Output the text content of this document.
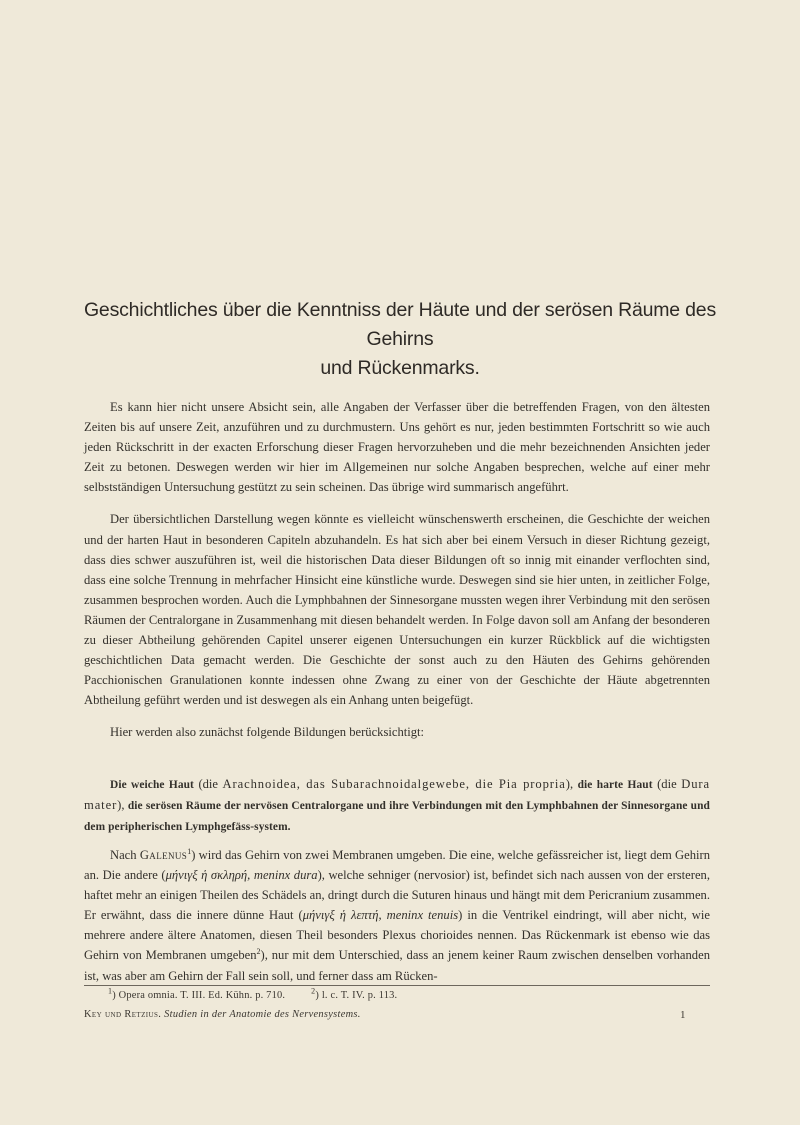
Geschichtliches über die Kenntniss der Häute und der serösen Räume des Gehirns
und Rückenmarks.

Es kann hier nicht unsere Absicht sein, alle Angaben der Verfasser über die betreffenden Fragen, von den ältesten Zeiten bis auf unsere Zeit, anzuführen und zu durchmustern. Uns gehört es nur, jeden bestimmten Fortschritt so wie auch jeden Rückschritt in der exacten Erforschung dieser Fragen hervorzuheben und die mehr bezeichnenden Ansichten jeder Zeit zu betonen. Deswegen werden wir hier im Allgemeinen nur solche Angaben besprechen, welche auf einer mehr selbstständigen Untersuchung gestützt zu sein scheinen. Das übrige wird summarisch angeführt.

Der übersichtlichen Darstellung wegen könnte es vielleicht wünschenswerth erscheinen, die Geschichte der weichen und der harten Haut in besonderen Capiteln abzuhandeln. Es hat sich aber bei einem Versuch in dieser Richtung gezeigt, dass dies schwer auszuführen ist, weil die historischen Data dieser Bildungen oft so innig mit einander verflochten sind, dass eine solche Trennung in mehrfacher Hinsicht eine künstliche wurde. Deswegen sind sie hier unten, in zeitlicher Folge, zusammen besprochen worden. Auch die Lymphbahnen der Sinnesorgane mussten wegen ihrer Verbindung mit den serösen Räumen der Centralorgane in Zusammenhang mit diesen behandelt werden. In Folge davon soll am Anfang der besonderen zu dieser Abtheilung gehörenden Capitel unserer eigenen Untersuchungen ein kurzer Rückblick auf die wichtigsten geschichtlichen Data gemacht werden. Die Geschichte der sonst auch zu den Häuten des Gehirns gehörenden Pacchionischen Granulationen konnte indessen ohne Zwang zu einer von der Geschichte der Häute abgetrennten Abtheilung geführt werden und ist deswegen als ein Anhang unten beigefügt.

Hier werden also zunächst folgende Bildungen berücksichtigt:

Die weiche Haut (die Arachnoidea, das Subarachnoidalgewebe, die Pia propria), die harte Haut (die Dura mater), die serösen Räume der nervösen Centralorgane und ihre Verbindungen mit den Lymphbahnen der Sinnesorgane und dem peripherischen Lymphgefäss-system.

Nach Galenus$^1$) wird das Gehirn von zwei Membranen umgeben. Die eine, welche gefässreicher ist, liegt dem Gehirn an. Die andere (μήνιγξ ἡ σκληρή, meninx dura), welche sehniger (nervosior) ist, befindet sich nach aussen von der ersteren, haftet mehr an einigen Theilen des Schädels an, dringt durch die Suturen hinaus und hängt mit dem Pericranium zusammen. Er erwähnt, dass die innere dünne Haut (μήνιγξ ἡ λεπτή, meninx tenuis) in die Ventrikel eindringt, will aber nicht, wie mehrere andere ältere Anatomen, diesen Theil besonders Plexus chorioides nennen. Das Rückenmark ist ebenso wie das Gehirn von Membranen umgeben$^2$), nur mit dem Unterschied, dass an jenem keiner Raum zwischen denselben vorhanden ist, was aber am Gehirn der Fall sein soll, und ferner dass am Rücken-

$^1$) Opera omnia. T. III. Ed. Kühn. p. 710.	$^2$) l. c. T. IV. p. 113.
Key und Retzius. Studien in der Anatomie des Nervensystems.	1
